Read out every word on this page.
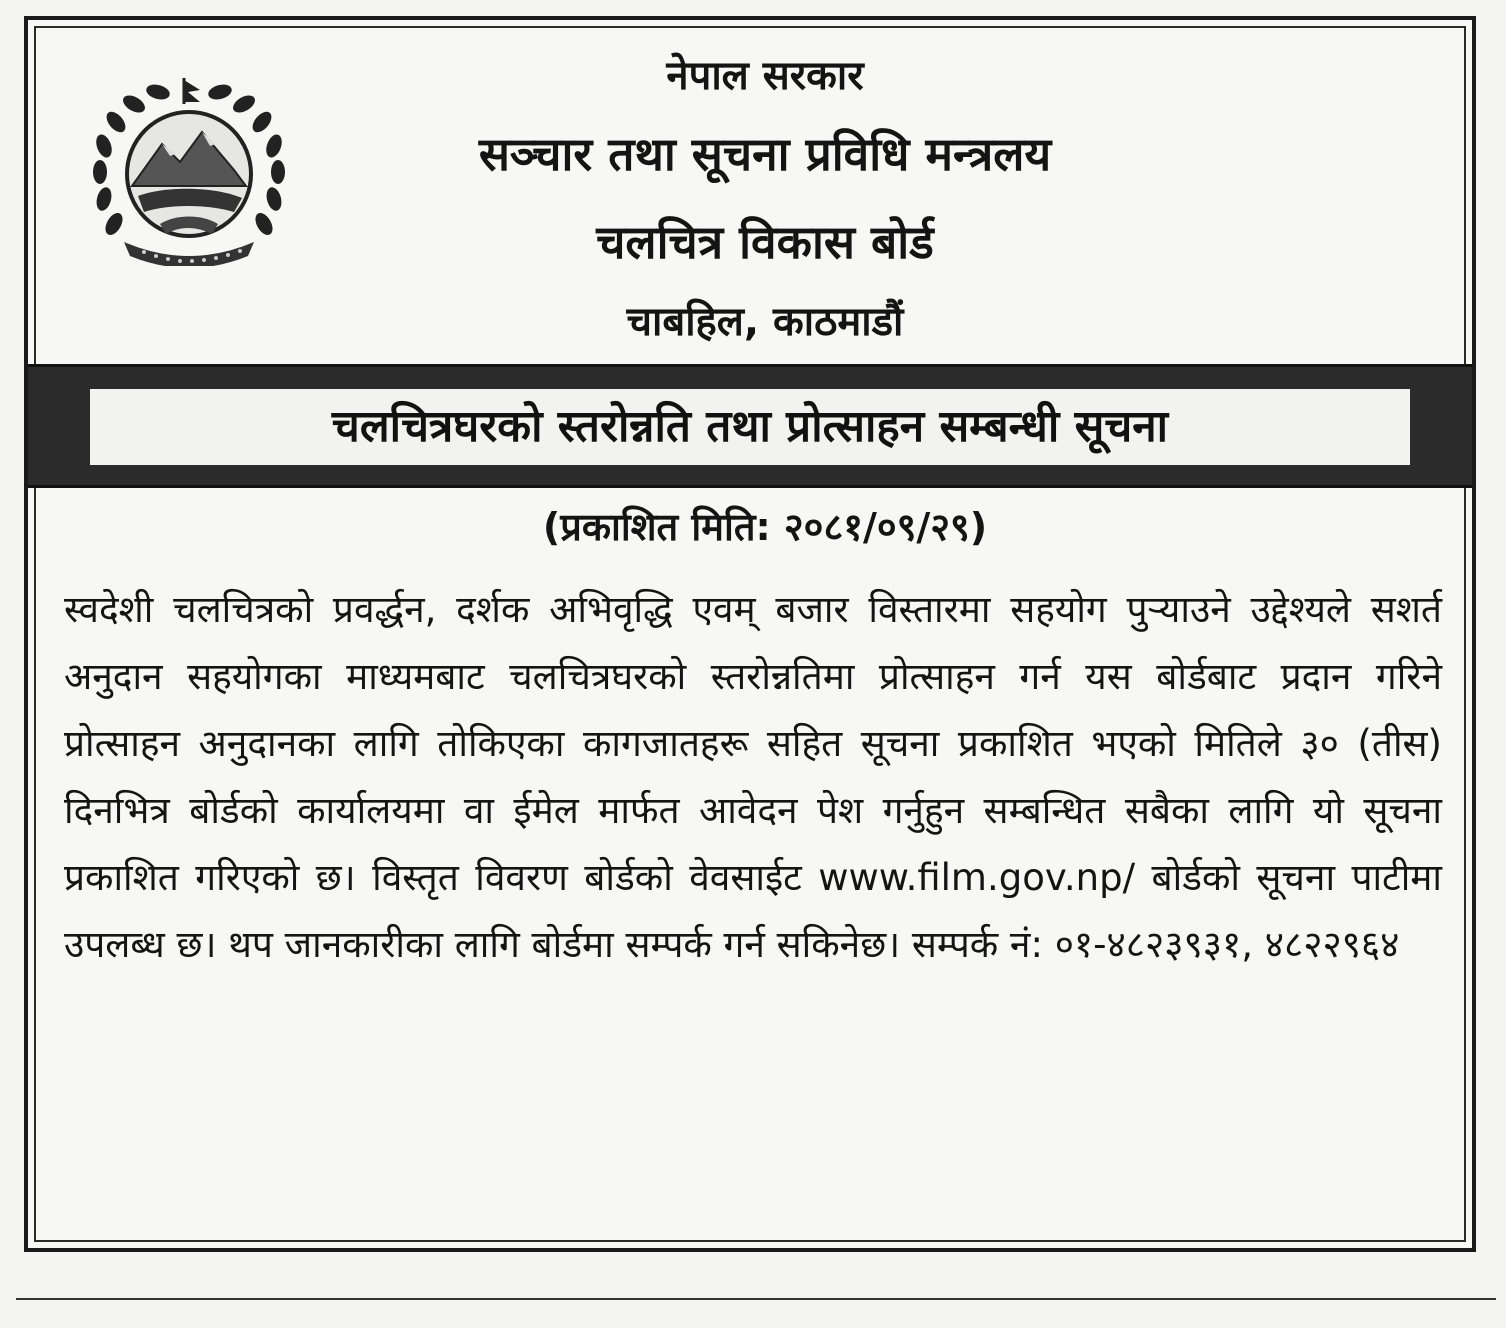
नेपाल सरकार
सञ्चार तथा सूचना प्रविधि मन्त्रलय
चलचित्र विकास बोर्ड
चाबहिल, काठमाडौं
चलचित्रघरको स्तरोन्नति तथा प्रोत्साहन सम्बन्धी सूचना
(प्रकाशित मिति: २०८१/०९/२९)

स्वदेशी चलचित्रको प्रवर्द्धन, दर्शक अभिवृद्धि एवम् बजार विस्तारमा सहयोग पुऱ्याउने उद्देश्यले सशर्त अनुदान सहयोगका माध्यमबाट चलचित्रघरको स्तरोन्नतिमा प्रोत्साहन गर्न यस बोर्डबाट प्रदान गरिने प्रोत्साहन अनुदानका लागि तोकिएका कागजातहरू सहित सूचना प्रकाशित भएको मितिले ३० (तीस) दिनभित्र बोर्डको कार्यालयमा वा ईमेल मार्फत आवेदन पेश गर्नुहुन सम्बन्धित सबैका लागि यो सूचना प्रकाशित गरिएको छ। विस्तृत विवरण बोर्डको वेवसाईट www.film.gov.np/ बोर्डको सूचना पाटीमा उपलब्ध छ। थप जानकारीका लागि बोर्डमा सम्पर्क गर्न सकिनेछ। सम्पर्क नं: ०१-४८२३९३१, ४८२२९६४
